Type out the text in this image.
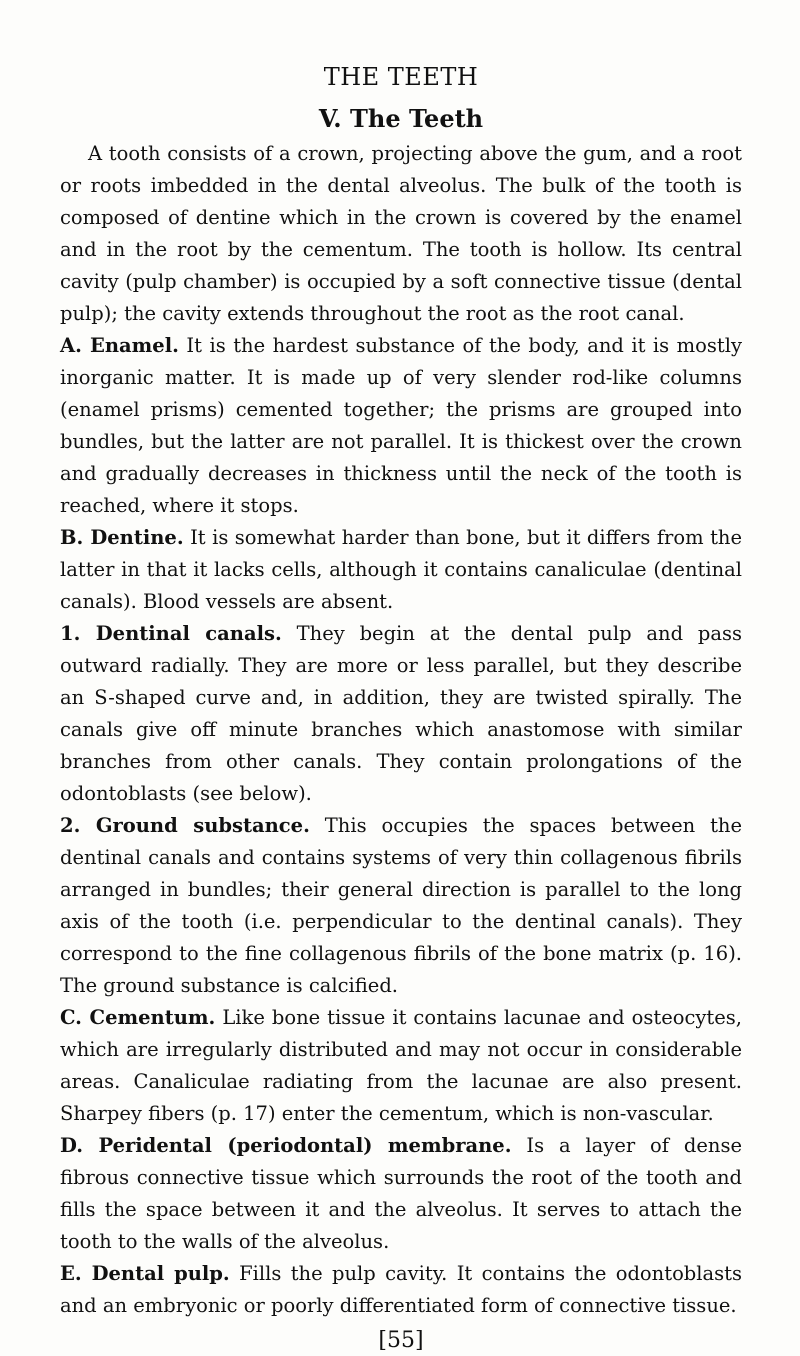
THE TEETH
V. The Teeth

A tooth consists of a crown, projecting above the gum, and a root or roots imbedded in the dental alveolus. The bulk of the tooth is composed of dentine which in the crown is covered by the enamel and in the root by the cementum. The tooth is hollow. Its central cavity (pulp chamber) is occupied by a soft connective tissue (dental pulp); the cavity extends throughout the root as the root canal.

A. Enamel. It is the hardest substance of the body, and it is mostly inorganic matter. It is made up of very slender rod-like columns (enamel prisms) cemented together; the prisms are grouped into bundles, but the latter are not parallel. It is thickest over the crown and gradually decreases in thickness until the neck of the tooth is reached, where it stops.

B. Dentine. It is somewhat harder than bone, but it differs from the latter in that it lacks cells, although it contains canaliculae (dentinal canals). Blood vessels are absent.

1. Dentinal canals. They begin at the dental pulp and pass outward radially. They are more or less parallel, but they describe an S-shaped curve and, in addition, they are twisted spirally. The canals give off minute branches which anastomose with similar branches from other canals. They contain prolongations of the odontoblasts (see below).

2. Ground substance. This occupies the spaces between the dentinal canals and contains systems of very thin collagenous fibrils arranged in bundles; their general direction is parallel to the long axis of the tooth (i.e. perpendicular to the dentinal canals). They correspond to the fine collagenous fibrils of the bone matrix (p. 16). The ground substance is calcified.

C. Cementum. Like bone tissue it contains lacunae and osteocytes, which are irregularly distributed and may not occur in considerable areas. Canaliculae radiating from the lacunae are also present. Sharpey fibers (p. 17) enter the cementum, which is non-vascular.

D. Peridental (periodontal) membrane. Is a layer of dense fibrous connective tissue which surrounds the root of the tooth and fills the space between it and the alveolus. It serves to attach the tooth to the walls of the alveolus.

E. Dental pulp. Fills the pulp cavity. It contains the odontoblasts and an embryonic or poorly differentiated form of connective tissue.

[55]
